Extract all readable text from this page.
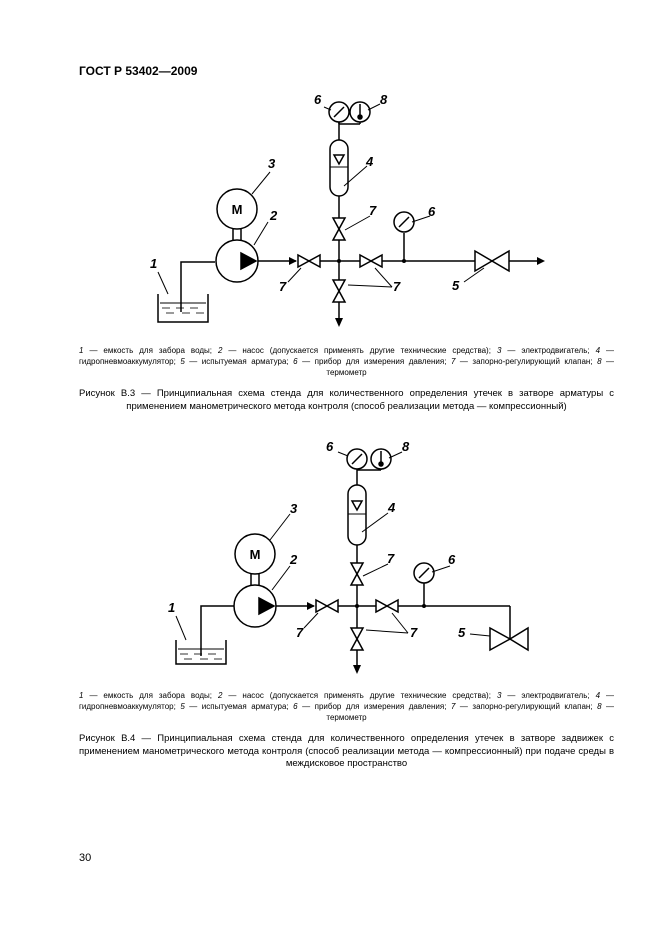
ГОСТ Р 53402—2009
М
1
2
3	4
5
6
6
7
7	7
8
1 — емкость для забора воды; 2 — насос (допускается применять другие технические средства); 3 — электродвигатель; 4 — гидропневмоаккумулятор; 5 — испытуемая арматура; 6 — прибор для измерения давления; 7 — запорно-регулирующий клапан; 8 — термометр
Рисунок В.3 — Принципиальная схема стенда для количественного определения утечек в затворе арматуры с применением манометрического метода контроля (способ реализации метода — компрессионный)
М
1
2
3	4
5
6
6
7
7	7
8
1 — емкость для забора воды; 2 — насос (допускается применять другие технические средства); 3 — электродвигатель; 4 — гидропневмоаккумулятор; 5 — испытуемая арматура; 6 — прибор для измерения давления; 7 — запорно-регулирующий клапан; 8 — термометр
Рисунок В.4 — Принципиальная схема стенда для количественного определения утечек в затворе задвижек с применением манометрического метода контроля (способ реализации метода — компрессионный) при подаче среды в междисковое пространство
30
